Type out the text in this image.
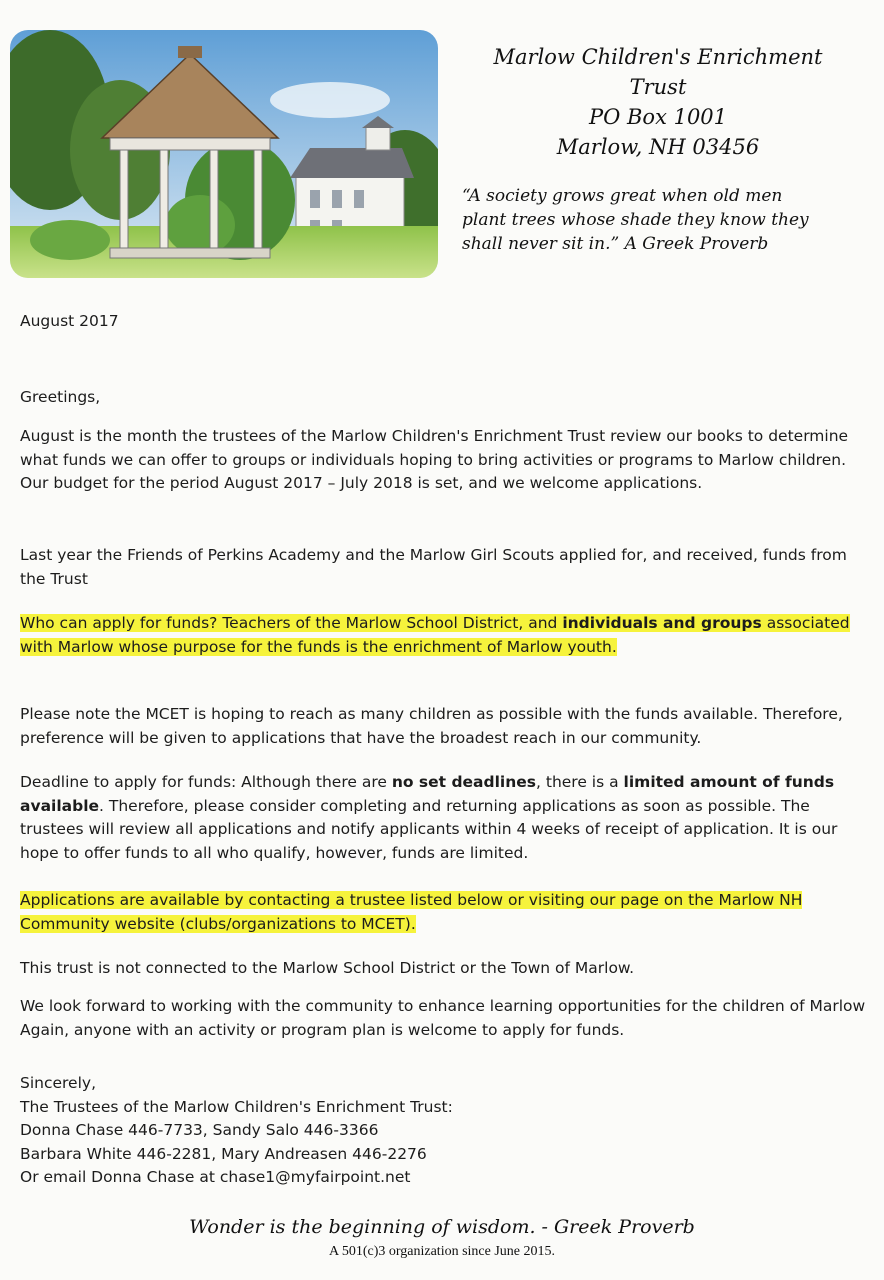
Marlow Children's Enrichment
Trust
PO Box 1001
Marlow, NH 03456
“A society grows great when old men
plant trees whose shade they know they
shall never sit in.” A Greek Proverb
August 2017
Greetings,
August is the month the trustees of the Marlow Children's Enrichment Trust review our books to determine what funds we can offer to groups or individuals hoping to bring activities or programs to Marlow children. Our budget for the period August 2017 – July 2018 is set, and we welcome applications.
Last year the Friends of Perkins Academy and the Marlow Girl Scouts applied for, and received, funds from the Trust
Who can apply for funds? Teachers of the Marlow School District, and individuals and groups associated with Marlow whose purpose for the funds is the enrichment of Marlow youth.
Please note the MCET is hoping to reach as many children as possible with the funds available. Therefore, preference will be given to applications that have the broadest reach in our community.
Deadline to apply for funds: Although there are no set deadlines, there is a limited amount of funds available. Therefore, please consider completing and returning applications as soon as possible. The trustees will review all applications and notify applicants within 4 weeks of receipt of application. It is our hope to offer funds to all who qualify, however, funds are limited.
Applications are available by contacting a trustee listed below or visiting our page on the Marlow NH Community website (clubs/organizations to MCET).
This trust is not connected to the Marlow School District or the Town of Marlow.
We look forward to working with the community to enhance learning opportunities for the children of Marlow Again, anyone with an activity or program plan is welcome to apply for funds.
Sincerely,
The Trustees of the Marlow Children's Enrichment Trust:
Donna Chase 446-7733, Sandy Salo 446-3366
Barbara White 446-2281, Mary Andreasen 446-2276
Or email Donna Chase at chase1@myfairpoint.net
Wonder is the beginning of wisdom. - Greek Proverb
A 501(c)3 organization since June 2015.
